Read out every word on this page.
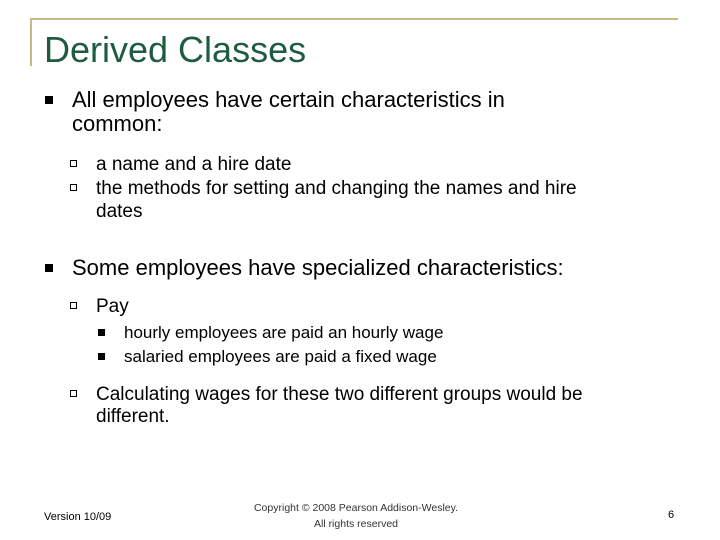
Derived Classes
All employees have certain characteristics in
common:
a name and a hire date
the methods for setting and changing the names and hire
dates
Some employees have specialized characteristics:
Pay
hourly employees are paid an hourly wage
salaried employees are paid a fixed wage
Calculating wages for these two different groups would be
different.
Version 10/09
Copyright © 2008 Pearson Addison-Wesley.
All rights reserved
6
